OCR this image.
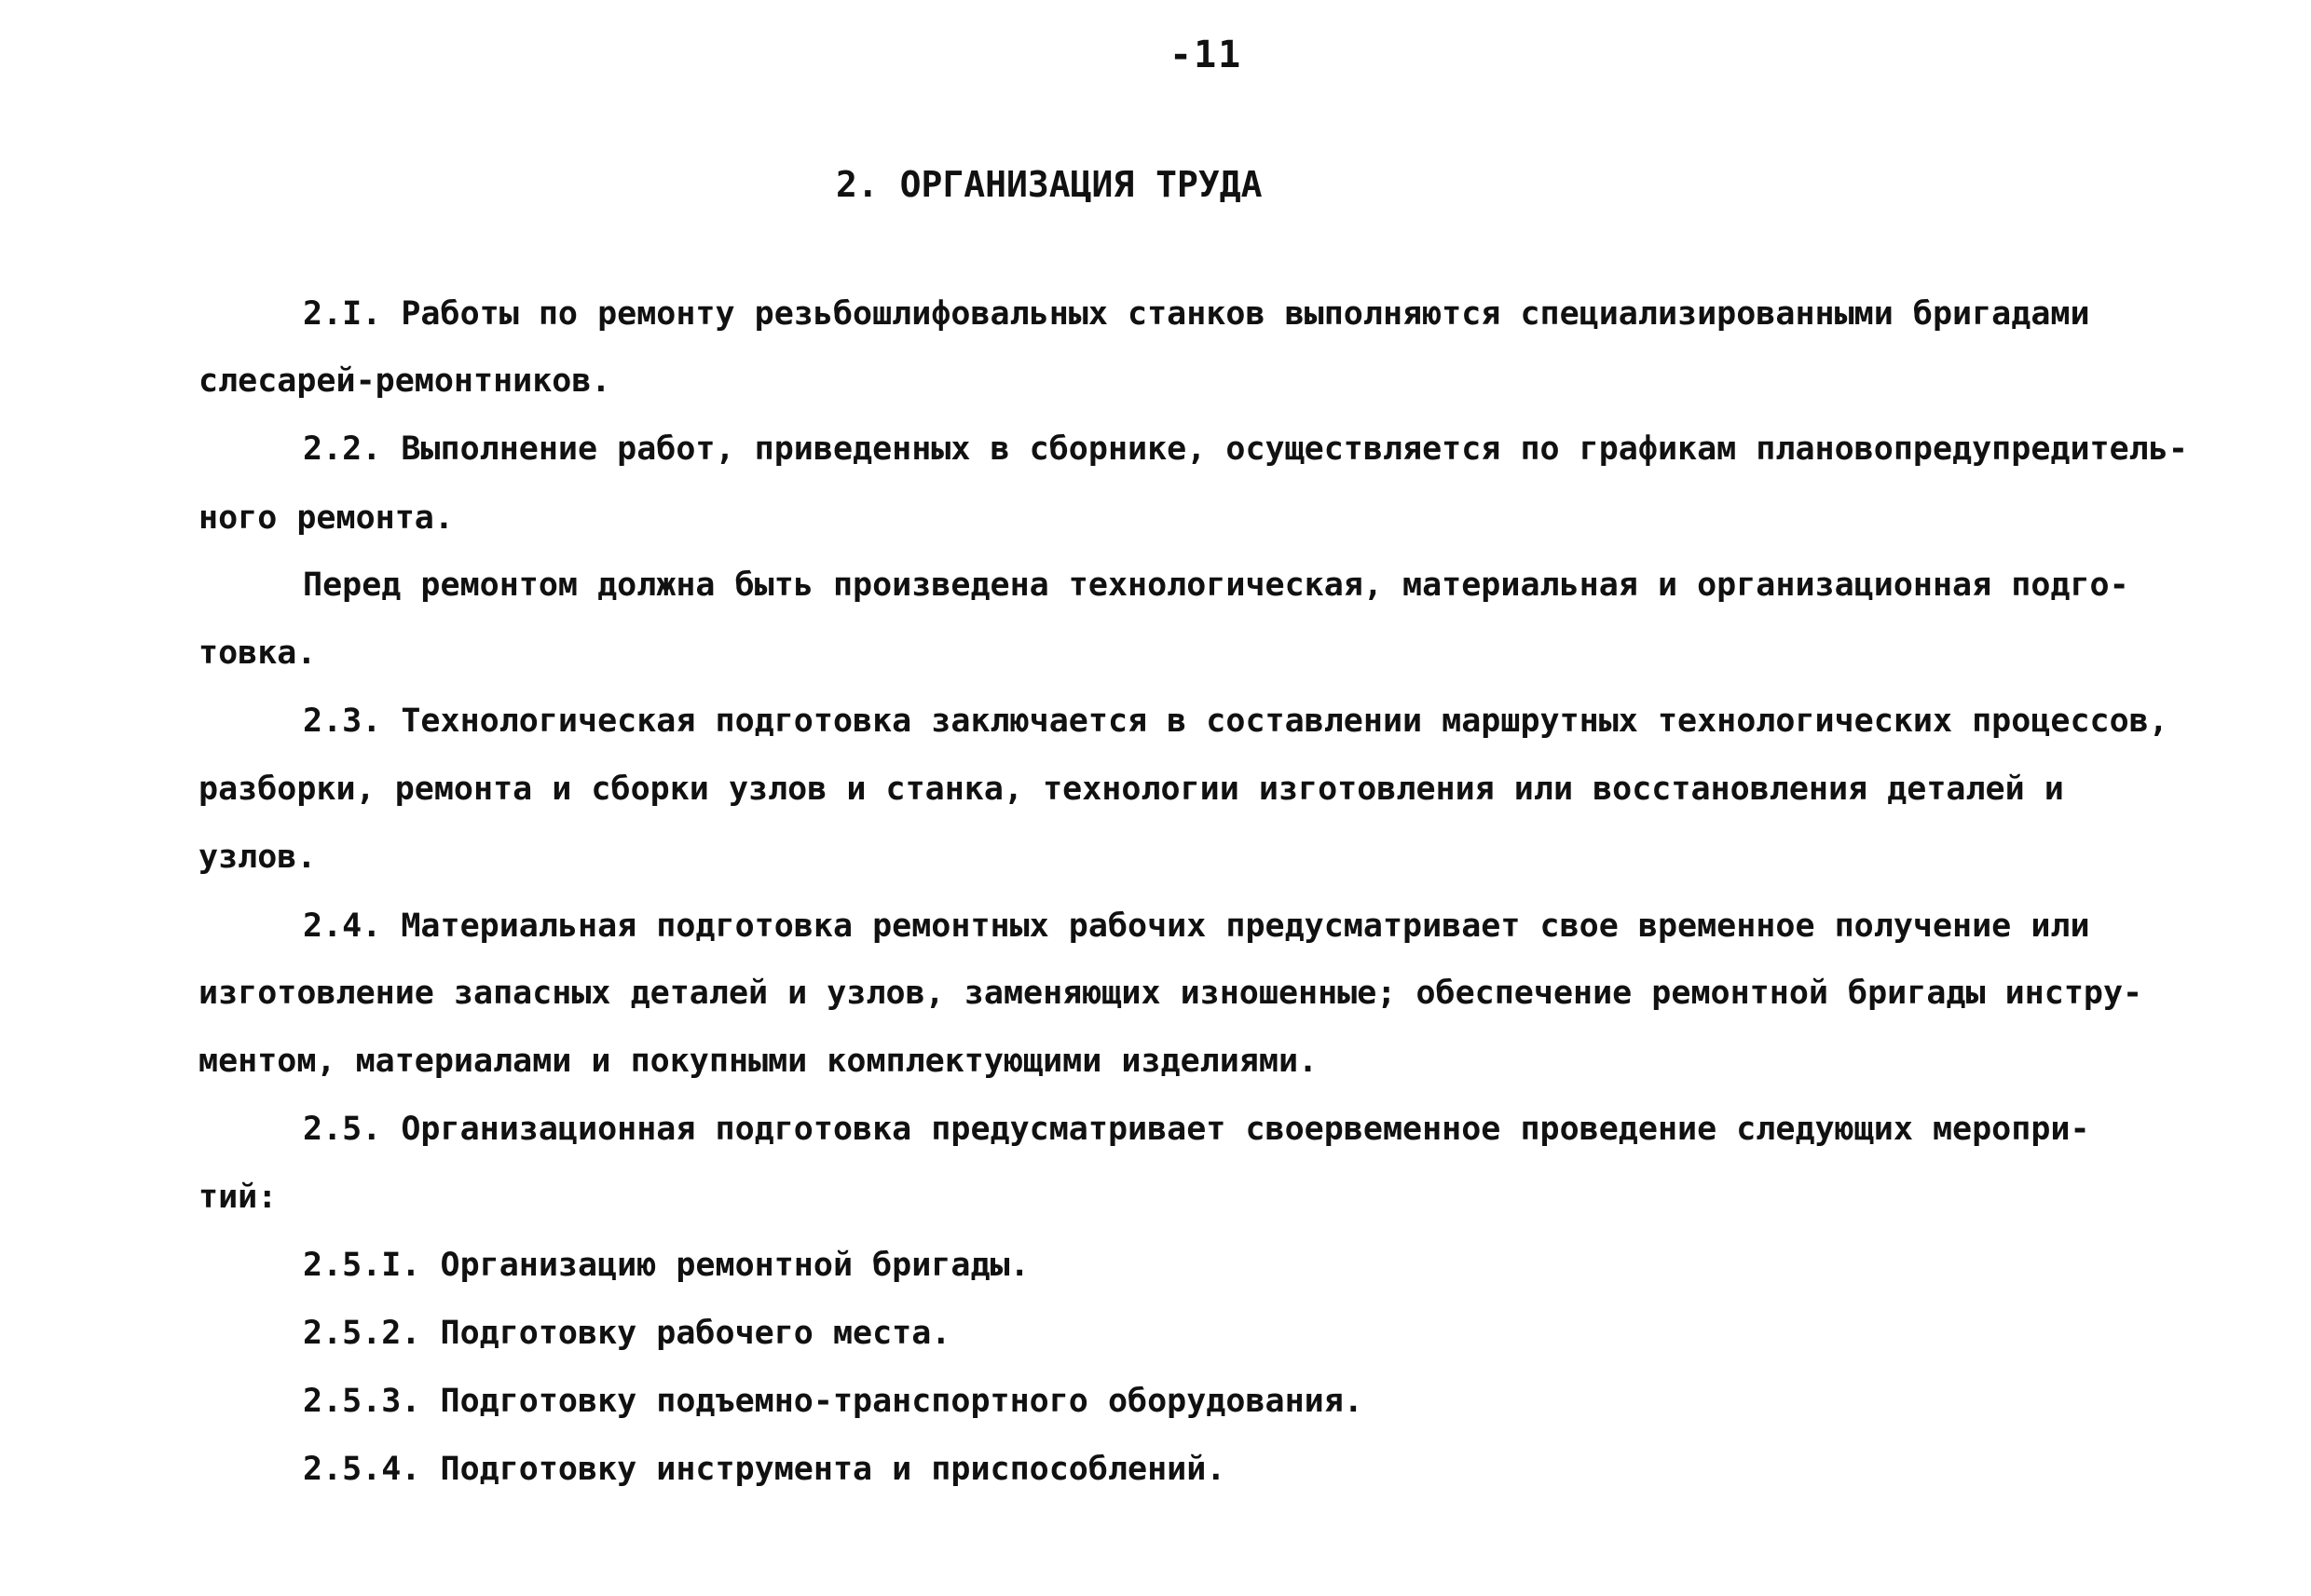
-11
2. ОРГАНИЗАЦИЯ ТРУДА
2.I. Работы по ремонту резьбошлифовальных станков выполняются специализированными бригадами
слесарей-ремонтников.
2.2. Выполнение работ, приведенных в сборнике, осуществляется по графикам плановопредупредитель-
ного ремонта.
Перед ремонтом должна быть произведена технологическая, материальная и организационная подго-
товка.
2.3. Технологическая подготовка заключается в составлении маршрутных технологических процессов,
разборки, ремонта и сборки узлов и станка, технологии изготовления или восстановления деталей и
узлов.
2.4. Материальная подготовка ремонтных рабочих предусматривает свое временное получение или
изготовление запасных деталей и узлов, заменяющих изношенные; обеспечение ремонтной бригады инстру-
ментом, материалами и покупными комплектующими изделиями.
2.5. Организационная подготовка предусматривает своервеменное проведение следующих меропри-
тий:
2.5.I. Организацию ремонтной бригады.
2.5.2. Подготовку рабочего места.
2.5.3. Подготовку подъемно-транспортного оборудования.
2.5.4. Подготовку инструмента и приспособлений.
